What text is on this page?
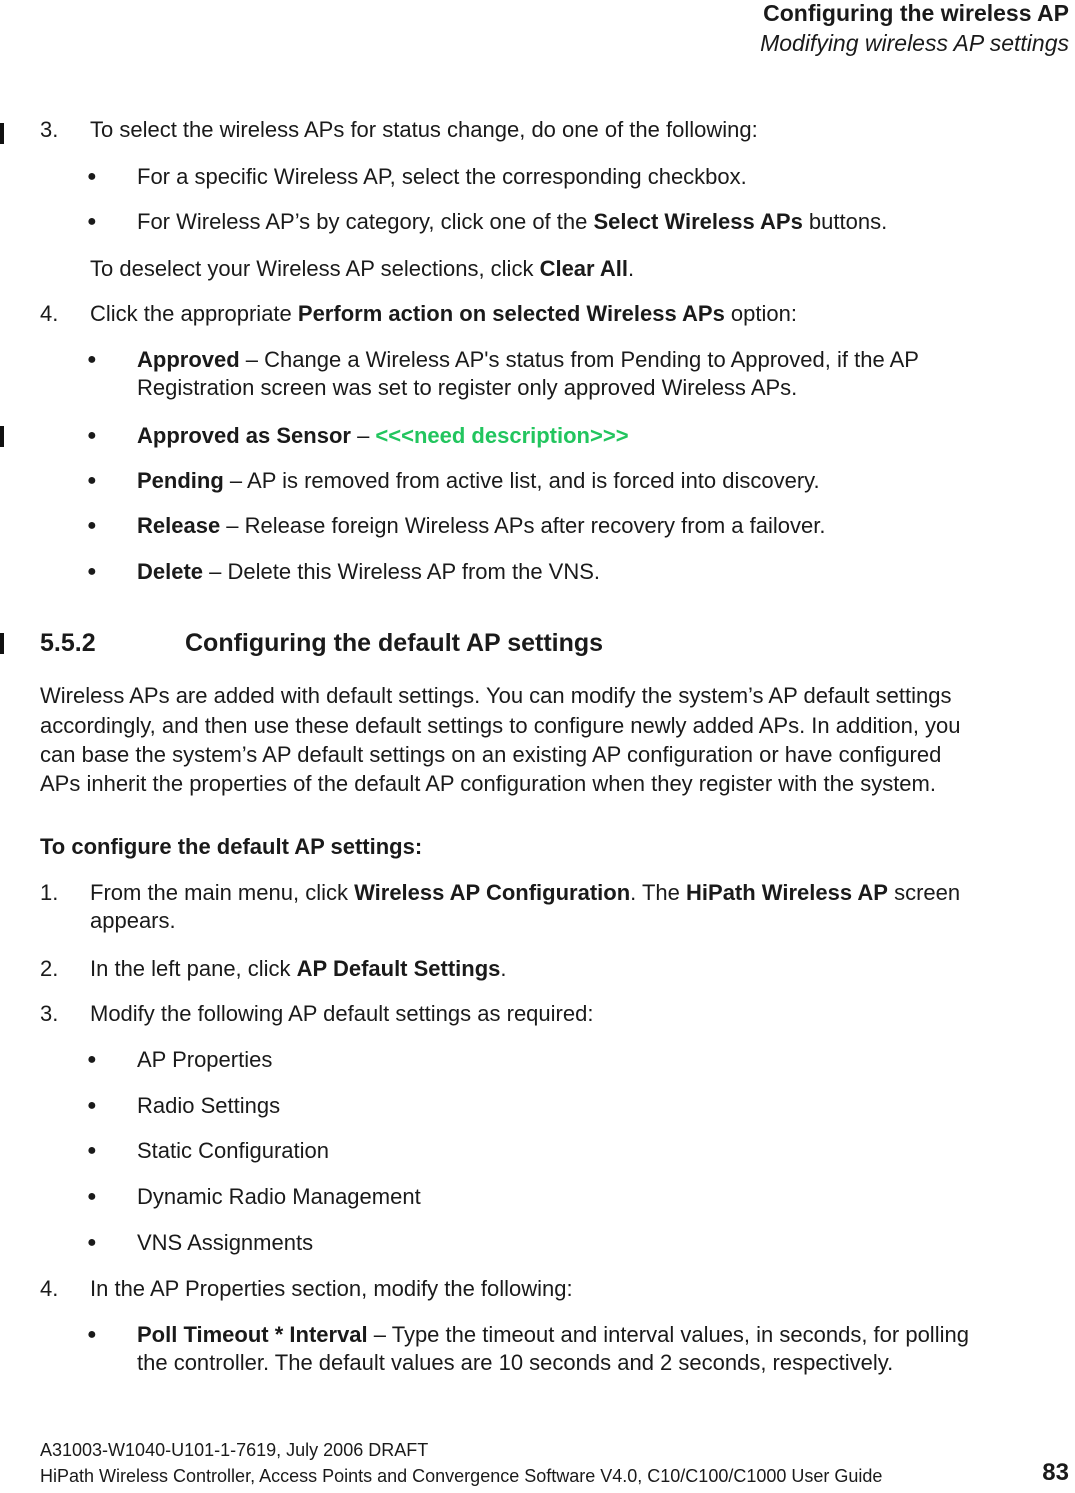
Configuring the wireless AP
Modifying wireless AP settings
3. To select the wireless APs for status change, do one of the following:
● For a specific Wireless AP, select the corresponding checkbox.
● For Wireless AP’s by category, click one of the Select Wireless APs buttons.
To deselect your Wireless AP selections, click Clear All.
4. Click the appropriate Perform action on selected Wireless APs option:
● Approved – Change a Wireless AP's status from Pending to Approved, if the AP
Registration screen was set to register only approved Wireless APs.
● Approved as Sensor – <<<need description>>>
● Pending – AP is removed from active list, and is forced into discovery.
● Release – Release foreign Wireless APs after recovery from a failover.
● Delete – Delete this Wireless AP from the VNS.
5.5.2	Configuring the default AP settings
Wireless APs are added with default settings. You can modify the system’s AP default settings
accordingly, and then use these default settings to configure newly added APs. In addition, you
can base the system’s AP default settings on an existing AP configuration or have configured
APs inherit the properties of the default AP configuration when they register with the system.
To configure the default AP settings:
1. From the main menu, click Wireless AP Configuration. The HiPath Wireless AP screen
appears.
2. In the left pane, click AP Default Settings.
3. Modify the following AP default settings as required:
● AP Properties
● Radio Settings
● Static Configuration
● Dynamic Radio Management
● VNS Assignments
4. In the AP Properties section, modify the following:
● Poll Timeout * Interval – Type the timeout and interval values, in seconds, for polling
the controller. The default values are 10 seconds and 2 seconds, respectively.
A31003-W1040-U101-1-7619, July 2006 DRAFT
HiPath Wireless Controller, Access Points and Convergence Software V4.0, C10/C100/C1000 User Guide	83
